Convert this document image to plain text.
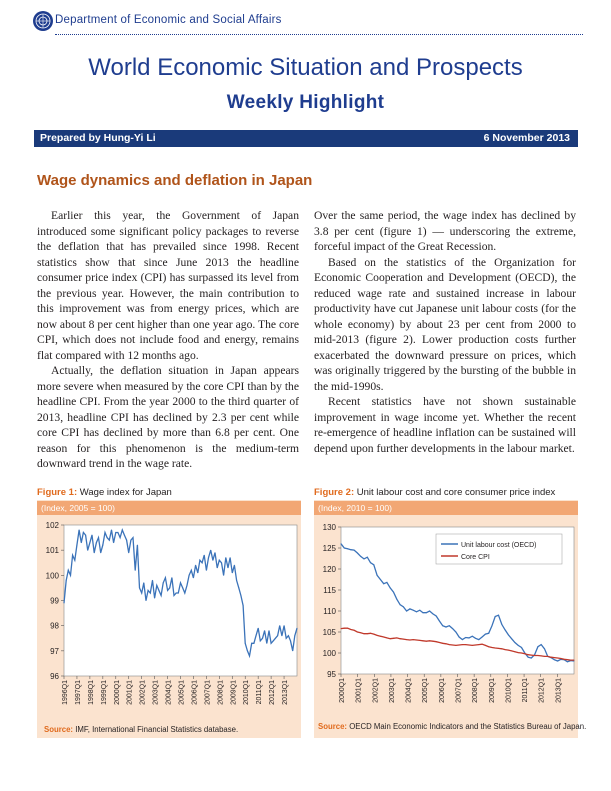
Department of Economic and Social Affairs
World Economic Situation and Prospects
Weekly Highlight
Prepared by Hung-Yi Li	6 November 2013
Wage dynamics and deflation in Japan

Earlier this year, the Government of Japan introduced some significant policy packages to reverse the deflation that has prevailed since 1998. Recent statistics show that since June 2013 the headline consumer price index (CPI) has surpassed its level from the previous year. However, the main contribution to this improvement was from energy prices, which are now about 8 per cent higher than one year ago. The core CPI, which does not include food and energy, remains flat compared with 12 months ago.

Actually, the deflation situation in Japan appears more severe when measured by the core CPI than by the headline CPI. From the year 2000 to the third quarter of 2013, headline CPI has declined by 2.3 per cent while core CPI has declined by more than 6.8 per cent. One reason for this phenomenon is the medium-term downward trend in the wage rate.

Over the same period, the wage index has declined by 3.8 per cent (figure 1) — underscoring the extreme, forceful impact of the Great Recession.

Based on the statistics of the Organization for Economic Cooperation and Development (OECD), the reduced wage rate and sustained increase in labour productivity have cut Japanese unit labour costs (for the whole economy) by about 23 per cent from 2000 to mid-2013 (figure 2). Lower production costs further exacerbated the downward pressure on prices, which was originally triggered by the bursting of the bubble in the mid-1990s.

Recent statistics have not shown sustainable improvement in wage income yet. Whether the recent re-emergence of headline inflation can be sustained will depend upon further developments in the labour market.

Figure 1: Wage index for Japan
(Index, 2005 = 100)
96
97
98
99
100
101
102
1996Q1 1997Q1 1998Q1 1999Q1 2000Q1 2001Q1 2002Q1 2003Q1 2004Q1 2005Q1 2006Q1 2007Q1 2008Q1 2009Q1 2010Q1 2011Q1 2012Q1 2013Q1
Source: IMF, International Financial Statistics database.
Figure 2: Unit labour cost and core consumer price index
(Index, 2010 = 100)
95
100
105
110
115
120
125
130
2000Q1 2001Q1 2002Q1 2003Q1 2004Q1 2005Q1 2006Q1 2007Q1 2008Q1 2009Q1 2010Q1 2011Q1 2012Q1 2013Q1
Unit labour cost (OECD)
Core CPI
Source: OECD Main Economic Indicators and the Statistics Bureau of Japan.
